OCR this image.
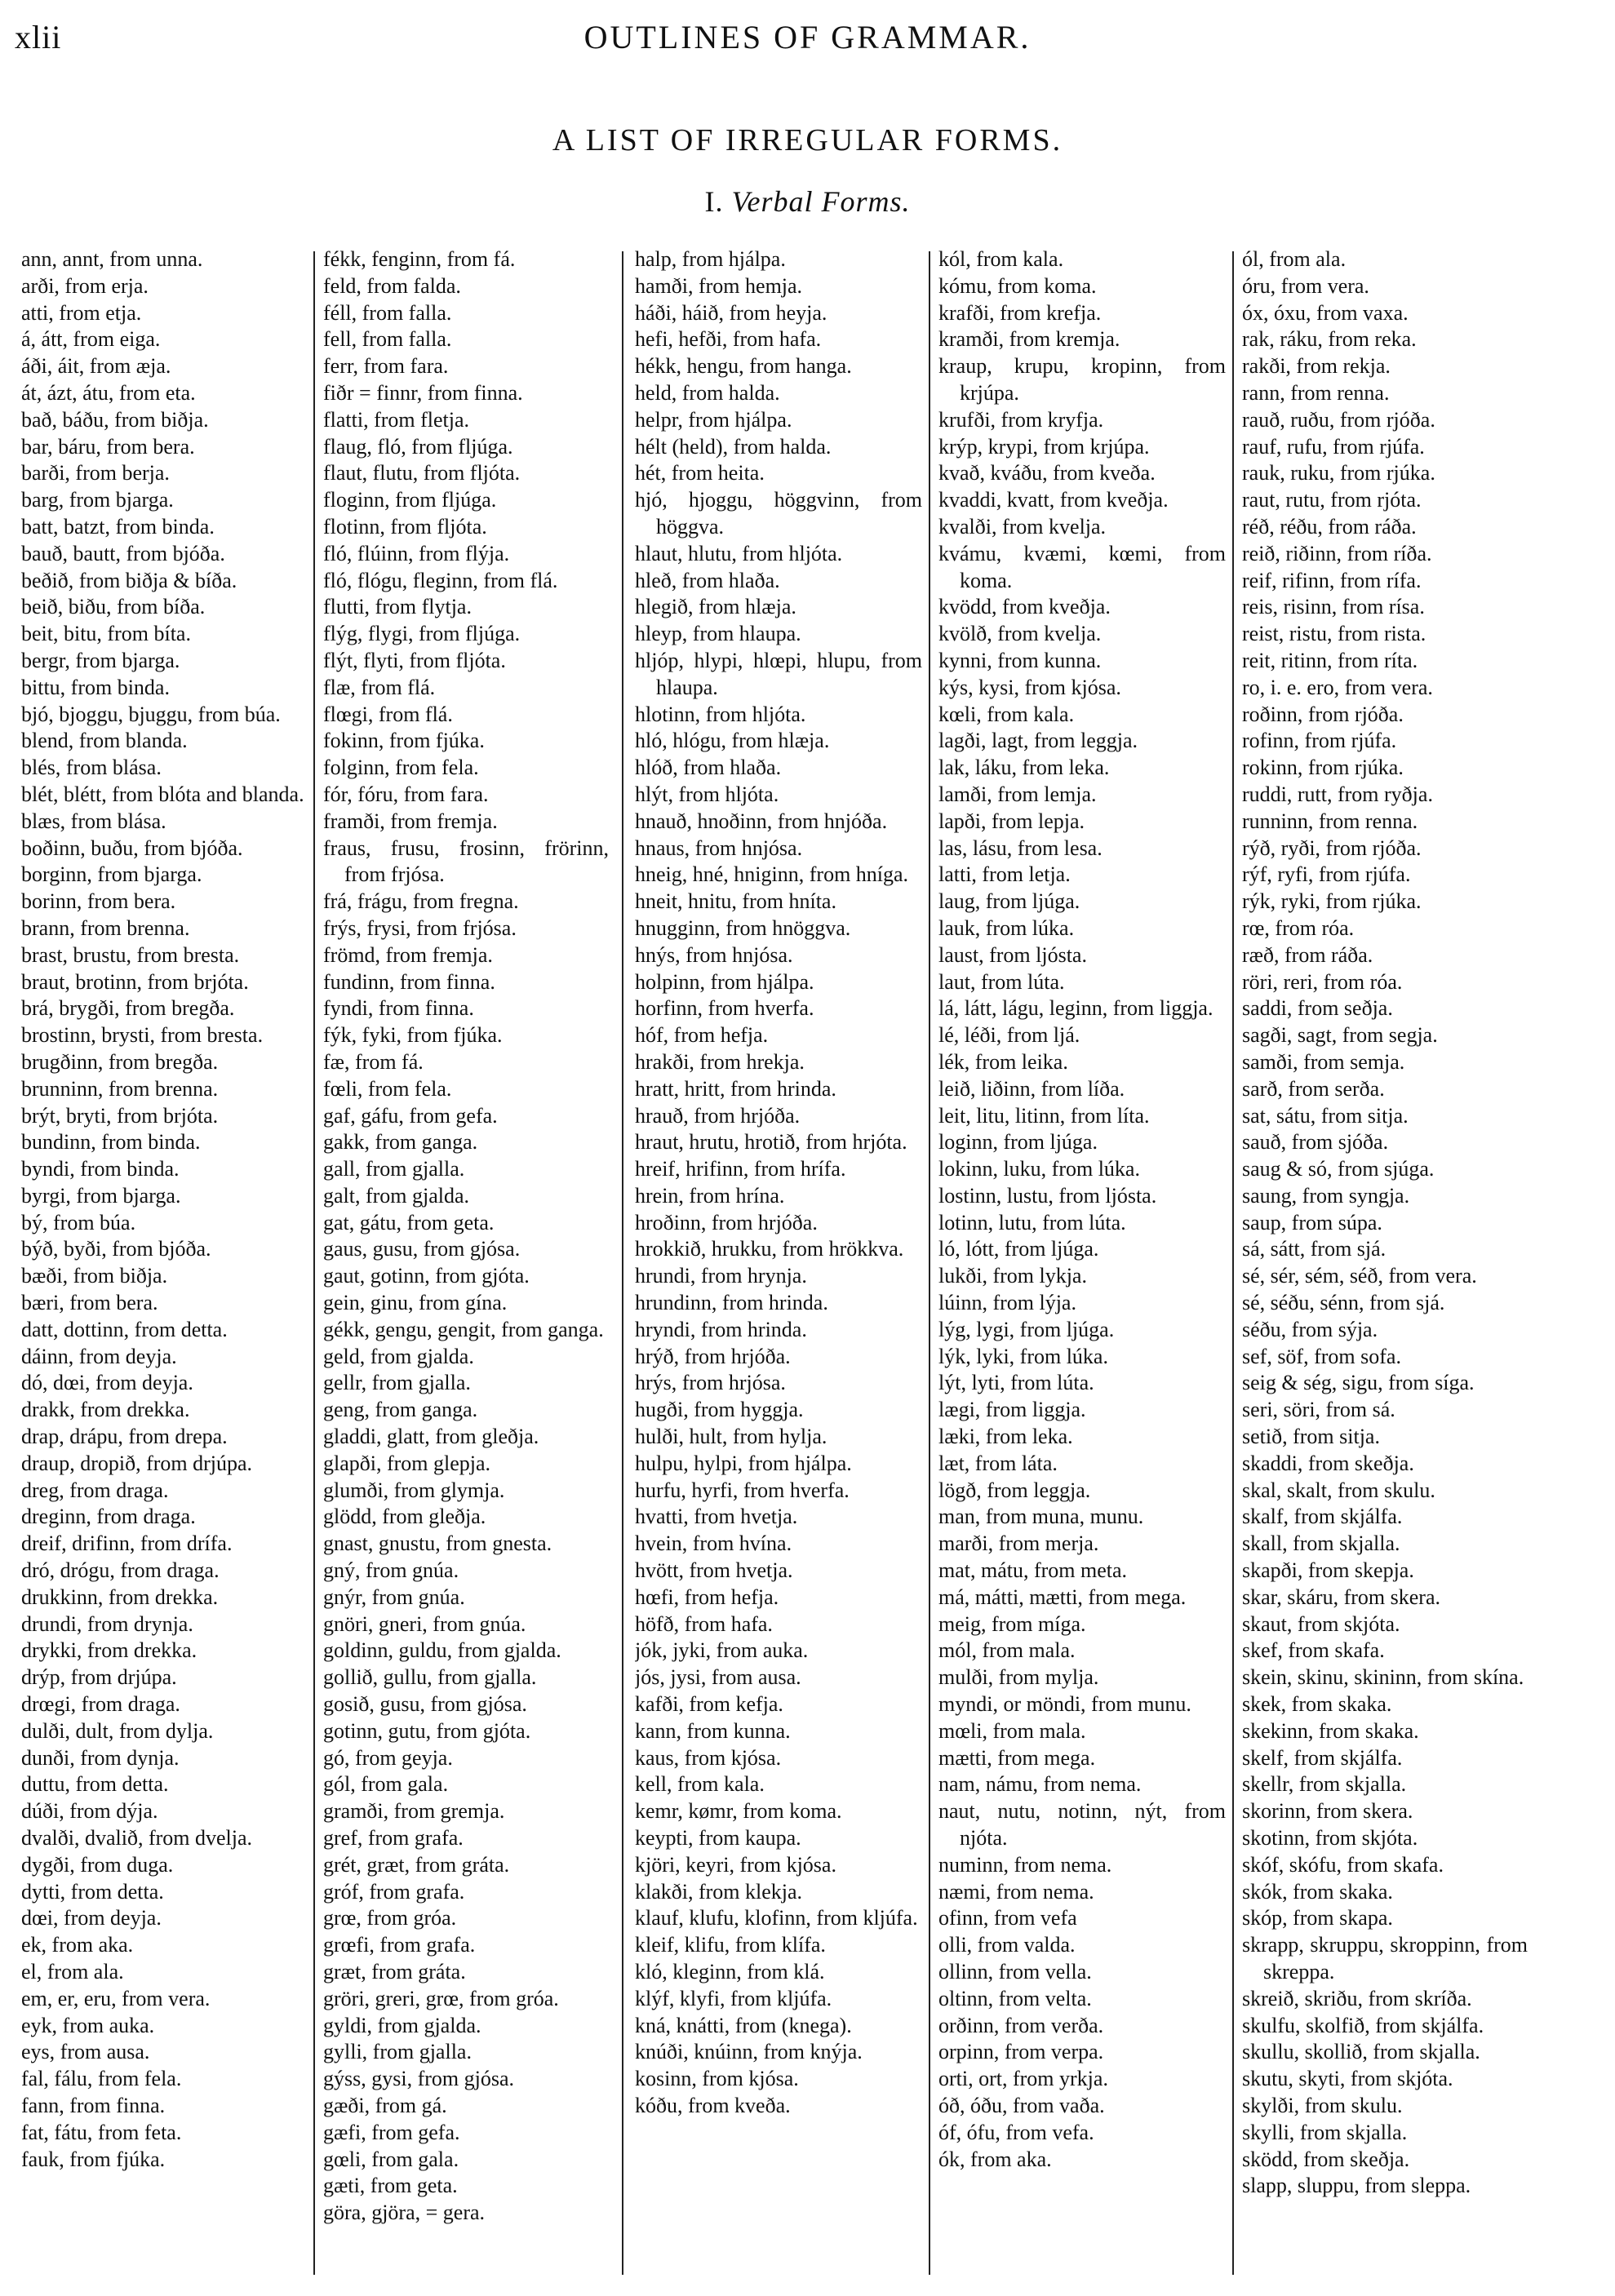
xlii	OUTLINES OF GRAMMAR.
A LIST OF IRREGULAR FORMS.
I. Verbal Forms.
ann, annt, from unna.
arði, from erja.
atti, from etja.
á, átt, from eiga.
áði, áit, from æja.
át, ázt, átu, from eta.
bað, báðu, from biðja.
bar, báru, from bera.
barði, from berja.
barg, from bjarga.
batt, batzt, from binda.
bauð, bautt, from bjóða.
beðið, from biðja & bíða.
beið, biðu, from bíða.
beit, bitu, from bíta.
bergr, from bjarga.
bittu, from binda.
bjó, bjoggu, bjuggu, from búa.
blend, from blanda.
blés, from blása.
blét, blétt, from blóta and blanda.
blæs, from blása.
boðinn, buðu, from bjóða.
borginn, from bjarga.
borinn, from bera.
brann, from brenna.
brast, brustu, from bresta.
braut, brotinn, from brjóta.
brá, brygði, from bregða.
brostinn, brysti, from bresta.
brugðinn, from bregða.
brunninn, from brenna.
brýt, bryti, from brjóta.
bundinn, from binda.
byndi, from binda.
byrgi, from bjarga.
bý, from búa.
býð, byði, from bjóða.
bæði, from biðja.
bæri, from bera.
datt, dottinn, from detta.
dáinn, from deyja.
dó, dœi, from deyja.
drakk, from drekka.
drap, drápu, from drepa.
draup, dropið, from drjúpa.
dreg, from draga.
dreginn, from draga.
dreif, drifinn, from drífa.
dró, drógu, from draga.
drukkinn, from drekka.
drundi, from drynja.
drykki, from drekka.
drýp, from drjúpa.
drœgi, from draga.
dulði, dult, from dylja.
dunði, from dynja.
duttu, from detta.
dúði, from dýja.
dvalði, dvalið, from dvelja.
dygði, from duga.
dytti, from detta.
dœi, from deyja.
ek, from aka.
el, from ala.
em, er, eru, from vera.
eyk, from auka.
eys, from ausa.
fal, fálu, from fela.
fann, from finna.
fat, fátu, from feta.
fauk, from fjúka.
fékk, fenginn, from fá.
feld, from falda.
féll, from falla.
fell, from falla.
ferr, from fara.
fiðr = finnr, from finna.
flatti, from fletja.
flaug, fló, from fljúga.
flaut, flutu, from fljóta.
floginn, from fljúga.
flotinn, from fljóta.
fló, flúinn, from flýja.
fló, flógu, fleginn, from flá.
flutti, from flytja.
flýg, flygi, from fljúga.
flýt, flyti, from fljóta.
flæ, from flá.
flœgi, from flá.
fokinn, from fjúka.
folginn, from fela.
fór, fóru, from fara.
framði, from fremja.
fraus, frusu, frosinn, frörinn, from frjósa.
frá, frágu, from fregna.
frýs, frysi, from frjósa.
frömd, from fremja.
fundinn, from finna.
fyndi, from finna.
fýk, fyki, from fjúka.
fæ, from fá.
fœli, from fela.
gaf, gáfu, from gefa.
gakk, from ganga.
gall, from gjalla.
galt, from gjalda.
gat, gátu, from geta.
gaus, gusu, from gjósa.
gaut, gotinn, from gjóta.
gein, ginu, from gína.
gékk, gengu, gengit, from ganga.
geld, from gjalda.
gellr, from gjalla.
geng, from ganga.
gladdi, glatt, from gleðja.
glapði, from glepja.
glumði, from glymja.
glödd, from gleðja.
gnast, gnustu, from gnesta.
gný, from gnúa.
gnýr, from gnúa.
gnöri, gneri, from gnúa.
goldinn, guldu, from gjalda.
gollið, gullu, from gjalla.
gosið, gusu, from gjósa.
gotinn, gutu, from gjóta.
gó, from geyja.
gól, from gala.
gramði, from gremja.
gref, from grafa.
grét, græt, from gráta.
gróf, from grafa.
grœ, from gróa.
grœfi, from grafa.
græt, from gráta.
gröri, greri, grœ, from gróa.
gyldi, from gjalda.
gylli, from gjalla.
gýss, gysi, from gjósa.
gæði, from gá.
gæfi, from gefa.
gœli, from gala.
gæti, from geta.
göra, gjöra, = gera.
halp, from hjálpa.
hamði, from hemja.
háði, háið, from heyja.
hefi, hefði, from hafa.
hékk, hengu, from hanga.
held, from halda.
helpr, from hjálpa.
hélt (held), from halda.
hét, from heita.
hjó, hjoggu, höggvinn, from höggva.
hlaut, hlutu, from hljóta.
hleð, from hlaða.
hlegið, from hlæja.
hleyp, from hlaupa.
hljóp, hlypi, hlœpi, hlupu, from hlaupa.
hlotinn, from hljóta.
hló, hlógu, from hlæja.
hlóð, from hlaða.
hlýt, from hljóta.
hnauð, hnoðinn, from hnjóða.
hnaus, from hnjósa.
hneig, hné, hniginn, from hníga.
hneit, hnitu, from hníta.
hnugginn, from hnöggva.
hnýs, from hnjósa.
holpinn, from hjálpa.
horfinn, from hverfa.
hóf, from hefja.
hrakði, from hrekja.
hratt, hritt, from hrinda.
hrauð, from hrjóða.
hraut, hrutu, hrotið, from hrjóta.
hreif, hrifinn, from hrífa.
hrein, from hrína.
hroðinn, from hrjóða.
hrokkið, hrukku, from hrökkva.
hrundi, from hrynja.
hrundinn, from hrinda.
hryndi, from hrinda.
hrýð, from hrjóða.
hrýs, from hrjósa.
hugði, from hyggja.
hulði, hult, from hylja.
hulpu, hylpi, from hjálpa.
hurfu, hyrfi, from hverfa.
hvatti, from hvetja.
hvein, from hvína.
hvött, from hvetja.
hœfi, from hefja.
höfð, from hafa.
jók, jyki, from auka.
jós, jysi, from ausa.
kafði, from kefja.
kann, from kunna.
kaus, from kjósa.
kell, from kala.
kemr, kømr, from koma.
keypti, from kaupa.
kjöri, keyri, from kjósa.
klakði, from klekja.
klauf, klufu, klofinn, from kljúfa.
kleif, klifu, from klífa.
kló, kleginn, from klá.
klýf, klyfi, from kljúfa.
kná, knátti, from (knega).
knúði, knúinn, from knýja.
kosinn, from kjósa.
kóðu, from kveða.
kól, from kala.
kómu, from koma.
krafði, from krefja.
kramði, from kremja.
kraup, krupu, kropinn, from krjúpa.
krufði, from kryfja.
krýp, krypi, from krjúpa.
kvað, kváðu, from kveða.
kvaddi, kvatt, from kveðja.
kvalði, from kvelja.
kvámu, kvæmi, kœmi, from koma.
kvödd, from kveðja.
kvölð, from kvelja.
kynni, from kunna.
kýs, kysi, from kjósa.
kœli, from kala.
lagði, lagt, from leggja.
lak, láku, from leka.
lamði, from lemja.
lapði, from lepja.
las, lásu, from lesa.
latti, from letja.
laug, from ljúga.
lauk, from lúka.
laust, from ljósta.
laut, from lúta.
lá, látt, lágu, leginn, from liggja.
lé, léði, from ljá.
lék, from leika.
leið, liðinn, from líða.
leit, litu, litinn, from líta.
loginn, from ljúga.
lokinn, luku, from lúka.
lostinn, lustu, from ljósta.
lotinn, lutu, from lúta.
ló, lótt, from ljúga.
lukði, from lykja.
lúinn, from lýja.
lýg, lygi, from ljúga.
lýk, lyki, from lúka.
lýt, lyti, from lúta.
lægi, from liggja.
læki, from leka.
læt, from láta.
lögð, from leggja.
man, from muna, munu.
marði, from merja.
mat, mátu, from meta.
má, mátti, mætti, from mega.
meig, from míga.
mól, from mala.
mulði, from mylja.
myndi, or möndi, from munu.
mœli, from mala.
mætti, from mega.
nam, námu, from nema.
naut, nutu, notinn, nýt, from njóta.
numinn, from nema.
næmi, from nema.
ofinn, from vefa
olli, from valda.
ollinn, from vella.
oltinn, from velta.
orðinn, from verða.
orpinn, from verpa.
orti, ort, from yrkja.
óð, óðu, from vaða.
óf, ófu, from vefa.
ók, from aka.
ól, from ala.
óru, from vera.
óx, óxu, from vaxa.
rak, ráku, from reka.
rakði, from rekja.
rann, from renna.
rauð, ruðu, from rjóða.
rauf, rufu, from rjúfa.
rauk, ruku, from rjúka.
raut, rutu, from rjóta.
réð, réðu, from ráða.
reið, riðinn, from ríða.
reif, rifinn, from rífa.
reis, risinn, from rísa.
reist, ristu, from rista.
reit, ritinn, from ríta.
ro, i. e. ero, from vera.
roðinn, from rjóða.
rofinn, from rjúfa.
rokinn, from rjúka.
ruddi, rutt, from ryðja.
runninn, from renna.
rýð, ryði, from rjóða.
rýf, ryfi, from rjúfa.
rýk, ryki, from rjúka.
rœ, from róa.
ræð, from ráða.
röri, reri, from róa.
saddi, from seðja.
sagði, sagt, from segja.
samði, from semja.
sarð, from serða.
sat, sátu, from sitja.
sauð, from sjóða.
saug & só, from sjúga.
saung, from syngja.
saup, from súpa.
sá, sátt, from sjá.
sé, sér, sém, séð, from vera.
sé, séðu, sénn, from sjá.
séðu, from sýja.
sef, söf, from sofa.
seig & ség, sigu, from síga.
seri, söri, from sá.
setið, from sitja.
skaddi, from skeðja.
skal, skalt, from skulu.
skalf, from skjálfa.
skall, from skjalla.
skapði, from skepja.
skar, skáru, from skera.
skaut, from skjóta.
skef, from skafa.
skein, skinu, skininn, from skína.
skek, from skaka.
skekinn, from skaka.
skelf, from skjálfa.
skellr, from skjalla.
skorinn, from skera.
skotinn, from skjóta.
skóf, skófu, from skafa.
skók, from skaka.
skóp, from skapa.
skrapp, skruppu, skroppinn, from skreppa.
skreið, skriðu, from skríða.
skulfu, skolfið, from skjálfa.
skullu, skollið, from skjalla.
skutu, skyti, from skjóta.
skylði, from skulu.
skylli, from skjalla.
sködd, from skeðja.
slapp, sluppu, from sleppa.
